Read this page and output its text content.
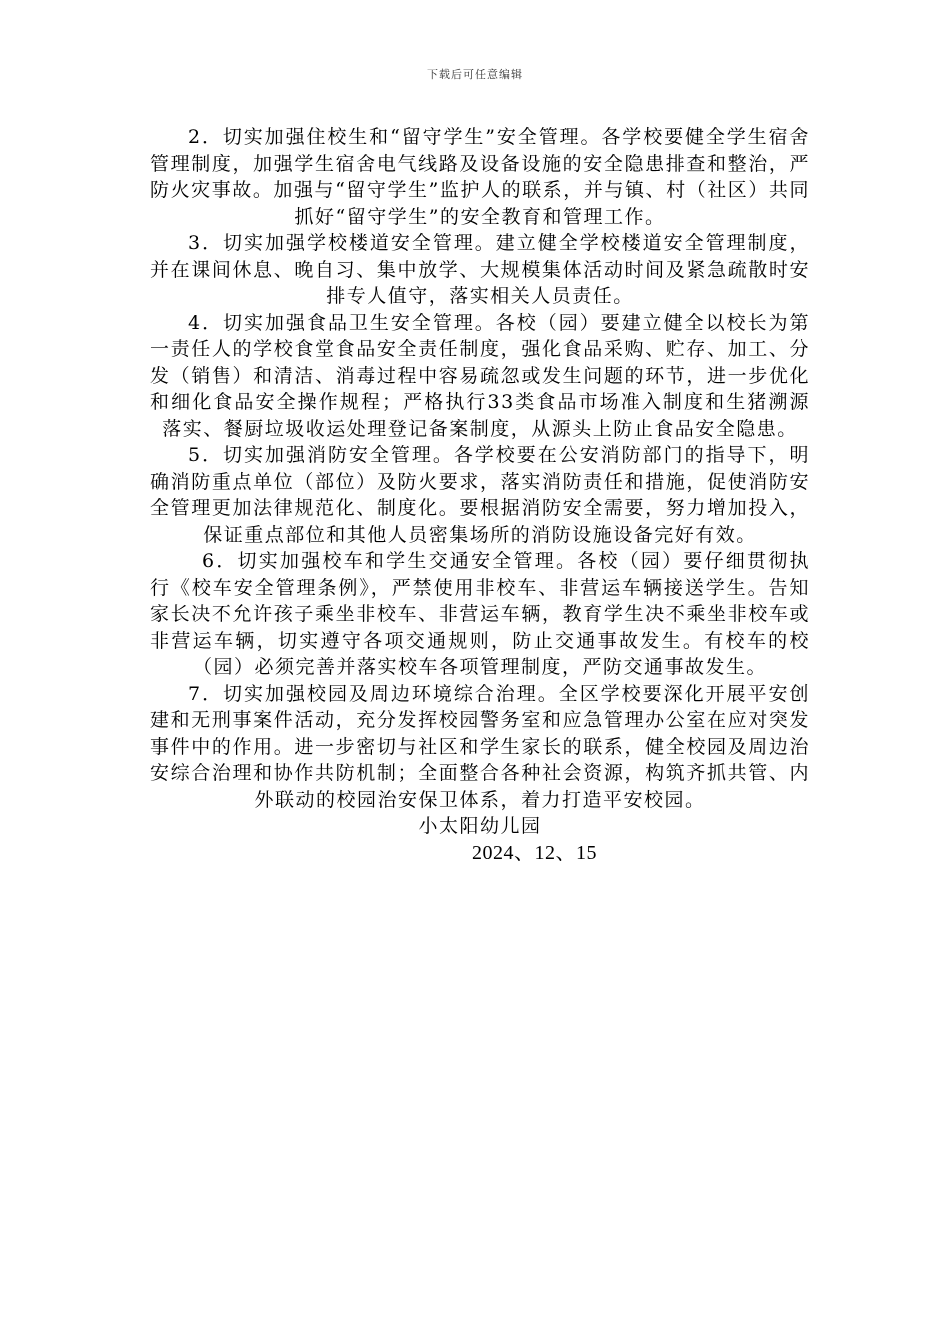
下载后可任意编辑

2．切实加强住校生和“留守学生”安全管理。各学校要健全学生宿舍管理制度，加强学生宿舍电气线路及设备设施的安全隐患排查和整治，严防火灾事故。加强与“留守学生”监护人的联系，并与镇、村（社区）共同抓好“留守学生”的安全教育和管理工作。

3．切实加强学校楼道安全管理。建立健全学校楼道安全管理制度，并在课间休息、晚自习、集中放学、大规模集体活动时间及紧急疏散时安排专人值守，落实相关人员责任。

4．切实加强食品卫生安全管理。各校（园）要建立健全以校长为第一责任人的学校食堂食品安全责任制度，强化食品采购、贮存、加工、分发（销售）和清洁、消毒过程中容易疏忽或发生问题的环节，进一步优化和细化食品安全操作规程；严格执行33类食品市场准入制度和生猪溯源落实、餐厨垃圾收运处理登记备案制度，从源头上防止食品安全隐患。

5．切实加强消防安全管理。各学校要在公安消防部门的指导下，明确消防重点单位（部位）及防火要求，落实消防责任和措施，促使消防安全管理更加法律规范化、制度化。要根据消防安全需要，努力增加投入，保证重点部位和其他人员密集场所的消防设施设备完好有效。

6．切实加强校车和学生交通安全管理。各校（园）要仔细贯彻执行《校车安全管理条例》，严禁使用非校车、非营运车辆接送学生。告知家长决不允许孩子乘坐非校车、非营运车辆，教育学生决不乘坐非校车或非营运车辆，切实遵守各项交通规则，防止交通事故发生。有校车的校（园）必须完善并落实校车各项管理制度，严防交通事故发生。

7．切实加强校园及周边环境综合治理。全区学校要深化开展平安创建和无刑事案件活动，充分发挥校园警务室和应急管理办公室在应对突发事件中的作用。进一步密切与社区和学生家长的联系，健全校园及周边治安综合治理和协作共防机制；全面整合各种社会资源，构筑齐抓共管、内外联动的校园治安保卫体系，着力打造平安校园。

小太阳幼儿园

2024、12、15
